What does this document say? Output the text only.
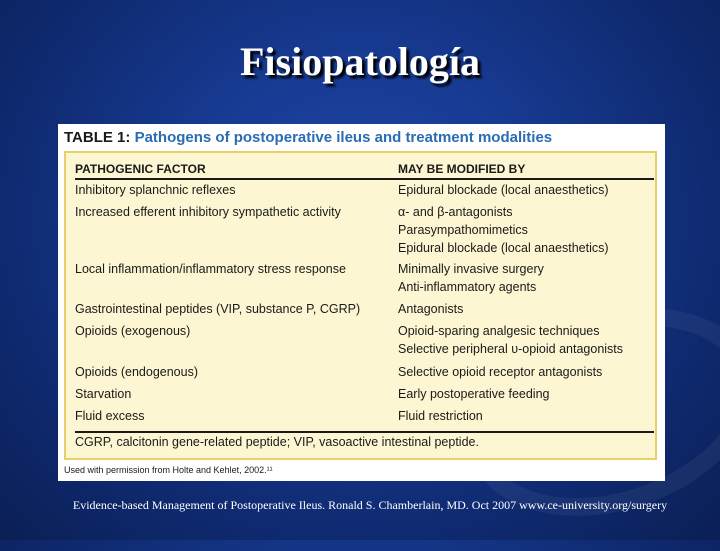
Fisiopatología
TABLE 1: Pathogens of postoperative ileus and treatment modalities
PATHOGENIC FACTOR	MAY BE MODIFIED BY
Inhibitory splanchnic reflexes	Epidural blockade (local anaesthetics)
Increased efferent inhibitory sympathetic activity	α- and β-antagonists
Parasympathomimetics
Epidural blockade (local anaesthetics)
Local inflammation/inflammatory stress response	Minimally invasive surgery
Anti-inflammatory agents
Gastrointestinal peptides (VIP, substance P, CGRP)	Antagonists
Opioids (exogenous)	Opioid-sparing analgesic techniques
Selective peripheral υ-opioid antagonists
Opioids (endogenous)	Selective opioid receptor antagonists
Starvation	Early postoperative feeding
Fluid excess	Fluid restriction
CGRP, calcitonin gene-related peptide; VIP, vasoactive intestinal peptide.
Used with permission from Holte and Kehlet, 2002.¹¹
Evidence-based Management of Postoperative Ileus. Ronald S. Chamberlain, MD. Oct 2007 www.ce-university.org/surgery
